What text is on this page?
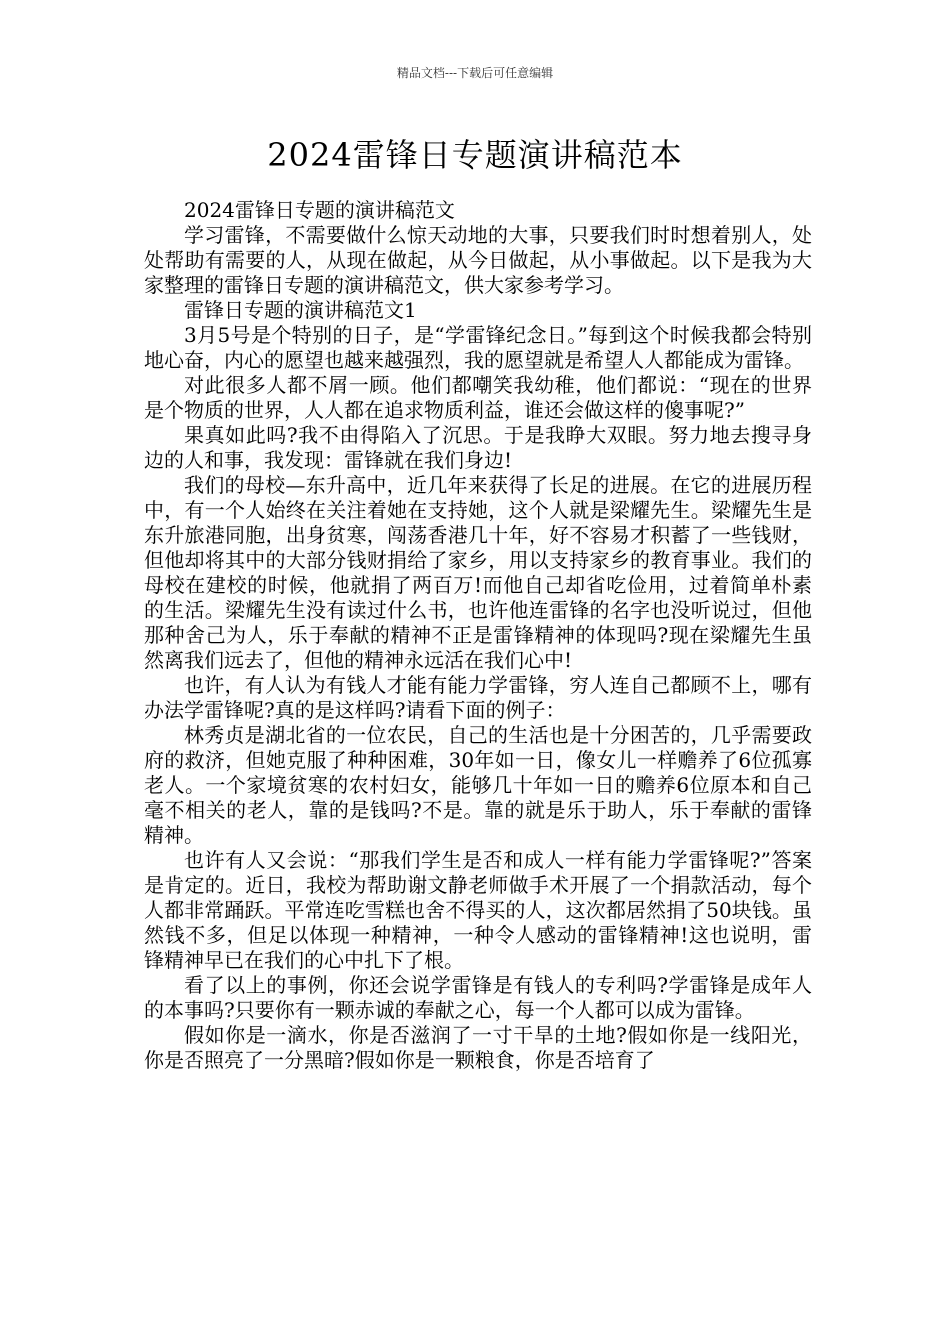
精品文档---下载后可任意编辑
2024雷锋日专题演讲稿范本

2024雷锋日专题的演讲稿范文

学习雷锋，不需要做什么惊天动地的大事，只要我们时时想着别人，处处帮助有需要的人，从现在做起，从今日做起，从小事做起。以下是我为大家整理的雷锋日专题的演讲稿范文，供大家参考学习。

雷锋日专题的演讲稿范文1

3月5号是个特别的日子，是“学雷锋纪念日。”每到这个时候我都会特别地心奋，内心的愿望也越来越强烈，我的愿望就是希望人人都能成为雷锋。

对此很多人都不屑一顾。他们都嘲笑我幼稚，他们都说：“现在的世界是个物质的世界，人人都在追求物质利益，谁还会做这样的傻事呢?”

果真如此吗?我不由得陷入了沉思。于是我睁大双眼。努力地去搜寻身边的人和事，我发现：雷锋就在我们身边!

我们的母校—东升高中，近几年来获得了长足的进展。在它的进展历程中，有一个人始终在关注着她在支持她，这个人就是梁耀先生。梁耀先生是东升旅港同胞，出身贫寒，闯荡香港几十年，好不容易才积蓄了一些钱财，但他却将其中的大部分钱财捐给了家乡，用以支持家乡的教育事业。我们的母校在建校的时候，他就捐了两百万!而他自己却省吃俭用，过着简单朴素的生活。梁耀先生没有读过什么书，也许他连雷锋的名字也没听说过，但他那种舍己为人，乐于奉献的精神不正是雷锋精神的体现吗?现在梁耀先生虽然离我们远去了，但他的精神永远活在我们心中!

也许，有人认为有钱人才能有能力学雷锋，穷人连自己都顾不上，哪有办法学雷锋呢?真的是这样吗?请看下面的例子：

林秀贞是湖北省的一位农民，自己的生活也是十分困苦的，几乎需要政府的救济，但她克服了种种困难，30年如一日，像女儿一样赡养了6位孤寡老人。一个家境贫寒的农村妇女，能够几十年如一日的赡养6位原本和自己毫不相关的老人，靠的是钱吗?不是。靠的就是乐于助人，乐于奉献的雷锋精神。

也许有人又会说：“那我们学生是否和成人一样有能力学雷锋呢?”答案是肯定的。近日，我校为帮助谢文静老师做手术开展了一个捐款活动，每个人都非常踊跃。平常连吃雪糕也舍不得买的人，这次都居然捐了50块钱。虽然钱不多，但足以体现一种精神，一种令人感动的雷锋精神!这也说明，雷锋精神早已在我们的心中扎下了根。

看了以上的事例，你还会说学雷锋是有钱人的专利吗?学雷锋是成年人的本事吗?只要你有一颗赤诚的奉献之心，每一个人都可以成为雷锋。

假如你是一滴水，你是否滋润了一寸干旱的土地?假如你是一线阳光，你是否照亮了一分黑暗?假如你是一颗粮食，你是否培育了
